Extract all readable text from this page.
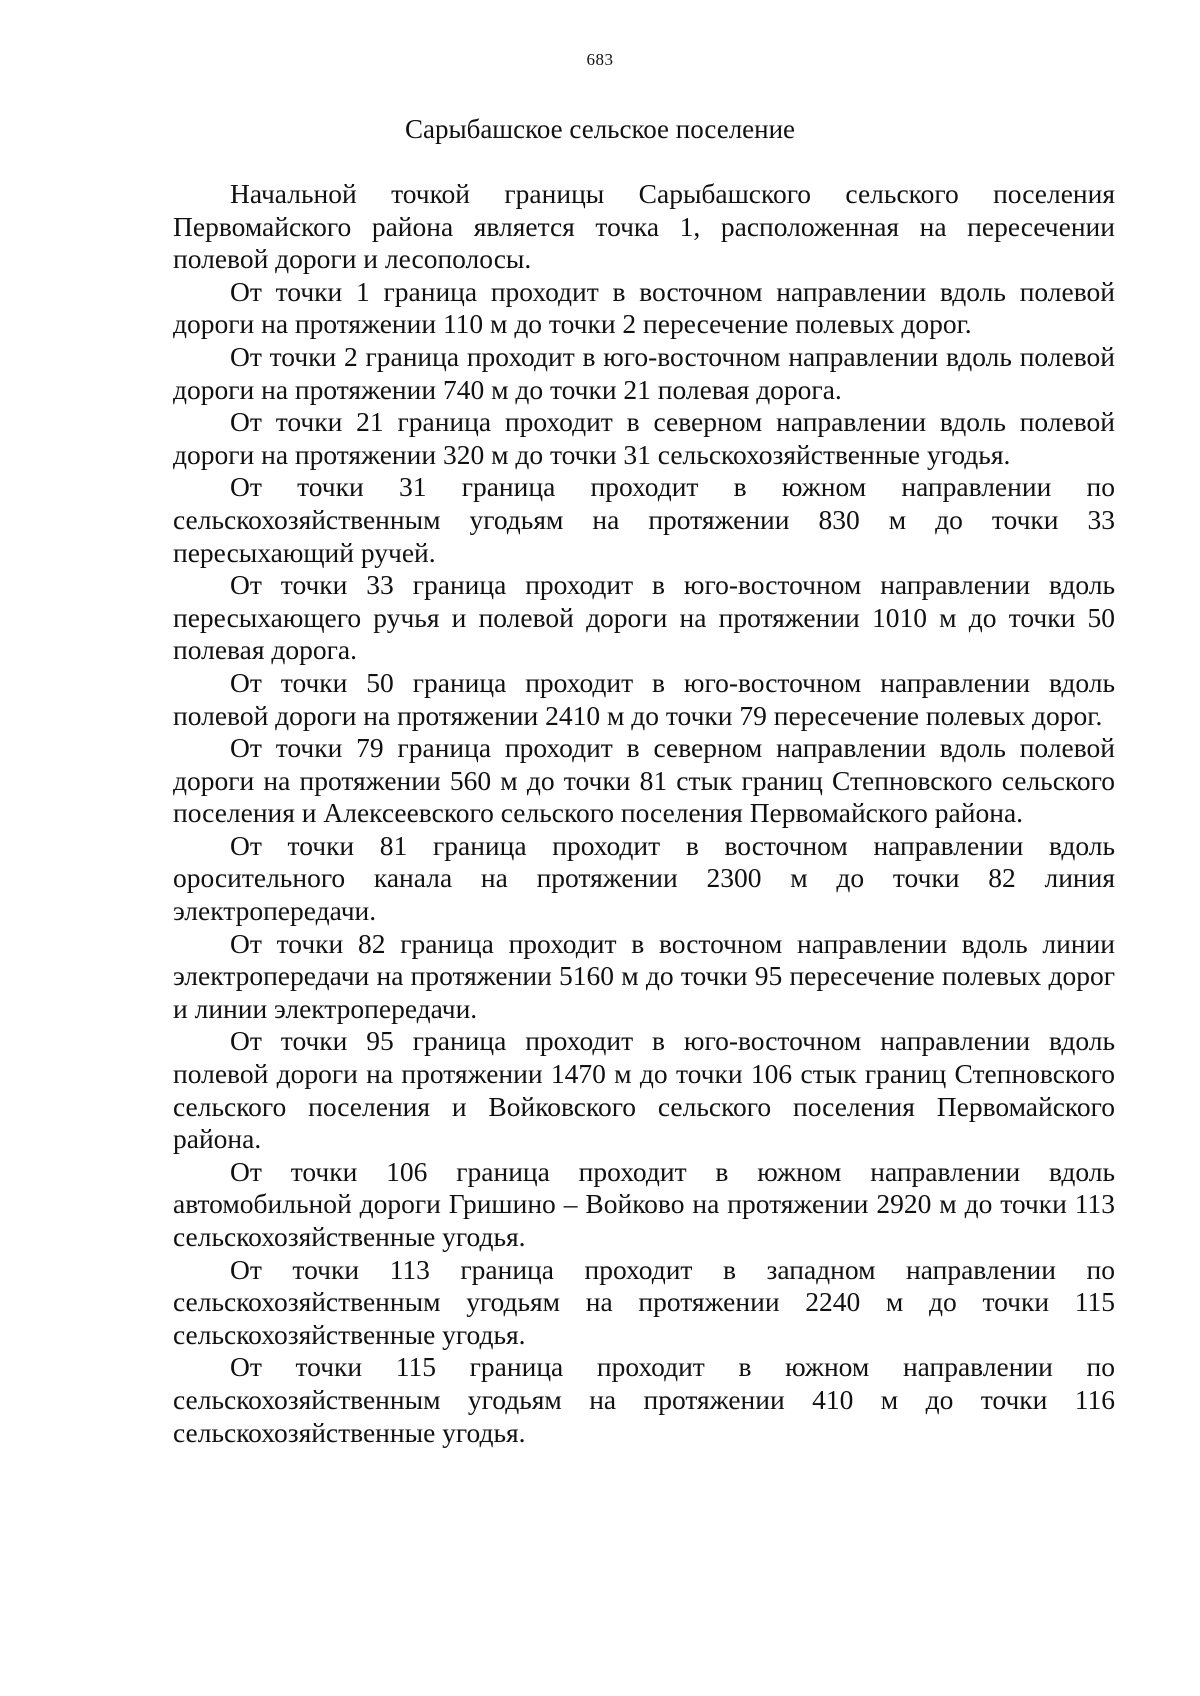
683
Сарыбашское сельское поселение

Начальной точкой границы Сарыбашского сельского поселения Первомайского района является точка 1, расположенная на пересечении полевой дороги и лесополосы.

От точки 1 граница проходит в восточном направлении вдоль полевой дороги на протяжении 110 м до точки 2 пересечение полевых дорог.

От точки 2 граница проходит в юго-восточном направлении вдоль полевой дороги на протяжении 740 м до точки 21 полевая дорога.

От точки 21 граница проходит в северном направлении вдоль полевой дороги на протяжении 320 м до точки 31 сельскохозяйственные угодья.

От точки 31 граница проходит в южном направлении по сельскохозяйственным угодьям на протяжении 830 м до точки 33 пересыхающий ручей.

От точки 33 граница проходит в юго-восточном направлении вдоль пересыхающего ручья и полевой дороги на протяжении 1010 м до точки 50 полевая дорога.

От точки 50 граница проходит в юго-восточном направлении вдоль полевой дороги на протяжении 2410 м до точки 79 пересечение полевых дорог.

От точки 79 граница проходит в северном направлении вдоль полевой дороги на протяжении 560 м до точки 81 стык границ Степновского сельского поселения и Алексеевского сельского поселения Первомайского района.

От точки 81 граница проходит в восточном направлении вдоль оросительного канала на протяжении 2300 м до точки 82 линия электропередачи.

От точки 82 граница проходит в восточном направлении вдоль линии электропередачи на протяжении 5160 м до точки 95 пересечение полевых дорог и линии электропередачи.

От точки 95 граница проходит в юго-восточном направлении вдоль полевой дороги на протяжении 1470 м до точки 106 стык границ Степновского сельского поселения и Войковского сельского поселения Первомайского района.

От точки 106 граница проходит в южном направлении вдоль автомобильной дороги Гришино – Войково на протяжении 2920 м до точки 113 сельскохозяйственные угодья.

От точки 113 граница проходит в западном направлении по сельскохозяйственным угодьям на протяжении 2240 м до точки 115 сельскохозяйственные угодья.

От точки 115 граница проходит в южном направлении по сельскохозяйственным угодьям на протяжении 410 м до точки 116 сельскохозяйственные угодья.
